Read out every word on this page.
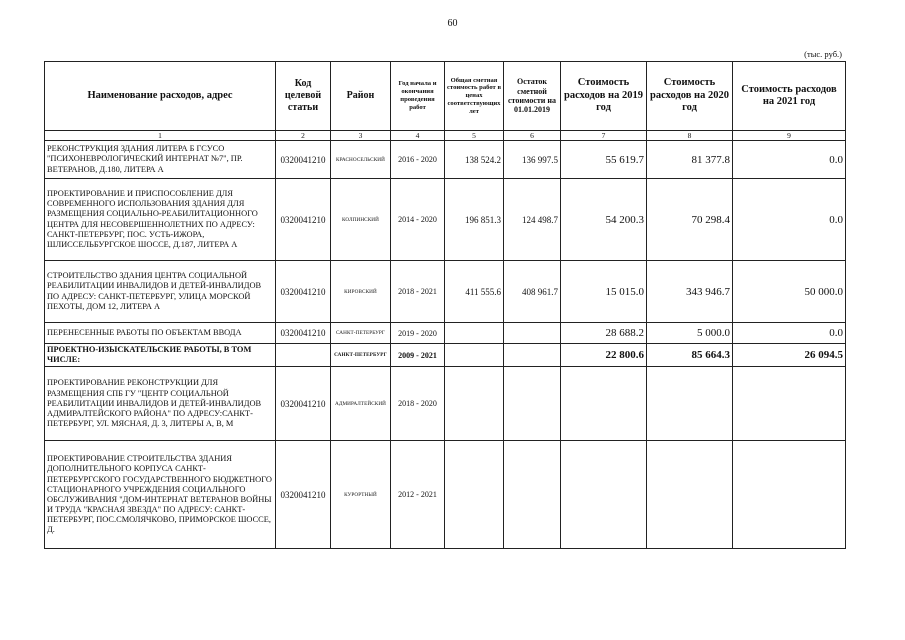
60
(тыс. руб.)
Наименование расходов, адрес	Код целевой статьи	Район	Год начала и окончания проведения работ	Общая сметная стоимость работ в ценах соответствующих лет	Остаток сметной стоимости на 01.01.2019	Стоимость расходов на 2019 год	Стоимость расходов на 2020 год	Стоимость расходов на 2021 год
1	2	3	4	5	6	7	8	9
РЕКОНСТРУКЦИЯ ЗДАНИЯ ЛИТЕРА Б ГСУСО "ПСИХОНЕВРОЛОГИЧЕСКИЙ ИНТЕРНАТ №7", ПР. ВЕТЕРАНОВ, Д.180, ЛИТЕРА А	0320041210	КРАСНОСЕЛЬСКИЙ	2016 - 2020	138 524.2	136 997.5	55 619.7	81 377.8	0.0
ПРОЕКТИРОВАНИЕ И ПРИСПОСОБЛЕНИЕ ДЛЯ СОВРЕМЕННОГО ИСПОЛЬЗОВАНИЯ ЗДАНИЯ ДЛЯ РАЗМЕЩЕНИЯ СОЦИАЛЬНО-РЕАБИЛИТАЦИОННОГО ЦЕНТРА ДЛЯ НЕСОВЕРШЕННОЛЕТНИХ ПО АДРЕСУ: САНКТ-ПЕТЕРБУРГ, ПОС. УСТЬ-ИЖОРА, ШЛИССЕЛЬБУРГСКОЕ ШОССЕ, Д.187, ЛИТЕРА А	0320041210	КОЛПИНСКИЙ	2014 - 2020	196 851.3	124 498.7	54 200.3	70 298.4	0.0
СТРОИТЕЛЬСТВО ЗДАНИЯ ЦЕНТРА СОЦИАЛЬНОЙ РЕАБИЛИТАЦИИ ИНВАЛИДОВ И ДЕТЕЙ-ИНВАЛИДОВ ПО АДРЕСУ: САНКТ-ПЕТЕРБУРГ, УЛИЦА МОРСКОЙ ПЕХОТЫ, ДОМ 12, ЛИТЕРА А	0320041210	КИРОВСКИЙ	2018 - 2021	411 555.6	408 961.7	15 015.0	343 946.7	50 000.0
ПЕРЕНЕСЕННЫЕ РАБОТЫ ПО ОБЪЕКТАМ ВВОДА	0320041210	САНКТ-ПЕТЕРБУРГ	2019 - 2020			28 688.2	5 000.0	0.0
ПРОЕКТНО-ИЗЫСКАТЕЛЬСКИЕ РАБОТЫ, В ТОМ ЧИСЛЕ:		САНКТ-ПЕТЕРБУРГ	2009 - 2021			22 800.6	85 664.3	26 094.5
ПРОЕКТИРОВАНИЕ РЕКОНСТРУКЦИИ ДЛЯ РАЗМЕЩЕНИЯ СПБ ГУ "ЦЕНТР СОЦИАЛЬНОЙ РЕАБИЛИТАЦИИ ИНВАЛИДОВ И ДЕТЕЙ-ИНВАЛИДОВ АДМИРАЛТЕЙСКОГО РАЙОНА" ПО АДРЕСУ:САНКТ-ПЕТЕРБУРГ, УЛ. МЯСНАЯ, Д. 3, ЛИТЕРЫ А, В, М	0320041210	АДМИРАЛТЕЙСКИЙ	2018 - 2020					
ПРОЕКТИРОВАНИЕ СТРОИТЕЛЬСТВА ЗДАНИЯ ДОПОЛНИТЕЛЬНОГО КОРПУСА САНКТ-ПЕТЕРБУРГСКОГО ГОСУДАРСТВЕННОГО БЮДЖЕТНОГО СТАЦИОНАРНОГО УЧРЕЖДЕНИЯ СОЦИАЛЬНОГО ОБСЛУЖИВАНИЯ "ДОМ-ИНТЕРНАТ ВЕТЕРАНОВ ВОЙНЫ И ТРУДА "КРАСНАЯ ЗВЕЗДА" ПО АДРЕСУ: САНКТ-ПЕТЕРБУРГ, ПОС.СМОЛЯЧКОВО, ПРИМОРСКОЕ ШОССЕ, Д.	0320041210	КУРОРТНЫЙ	2012 - 2021					
